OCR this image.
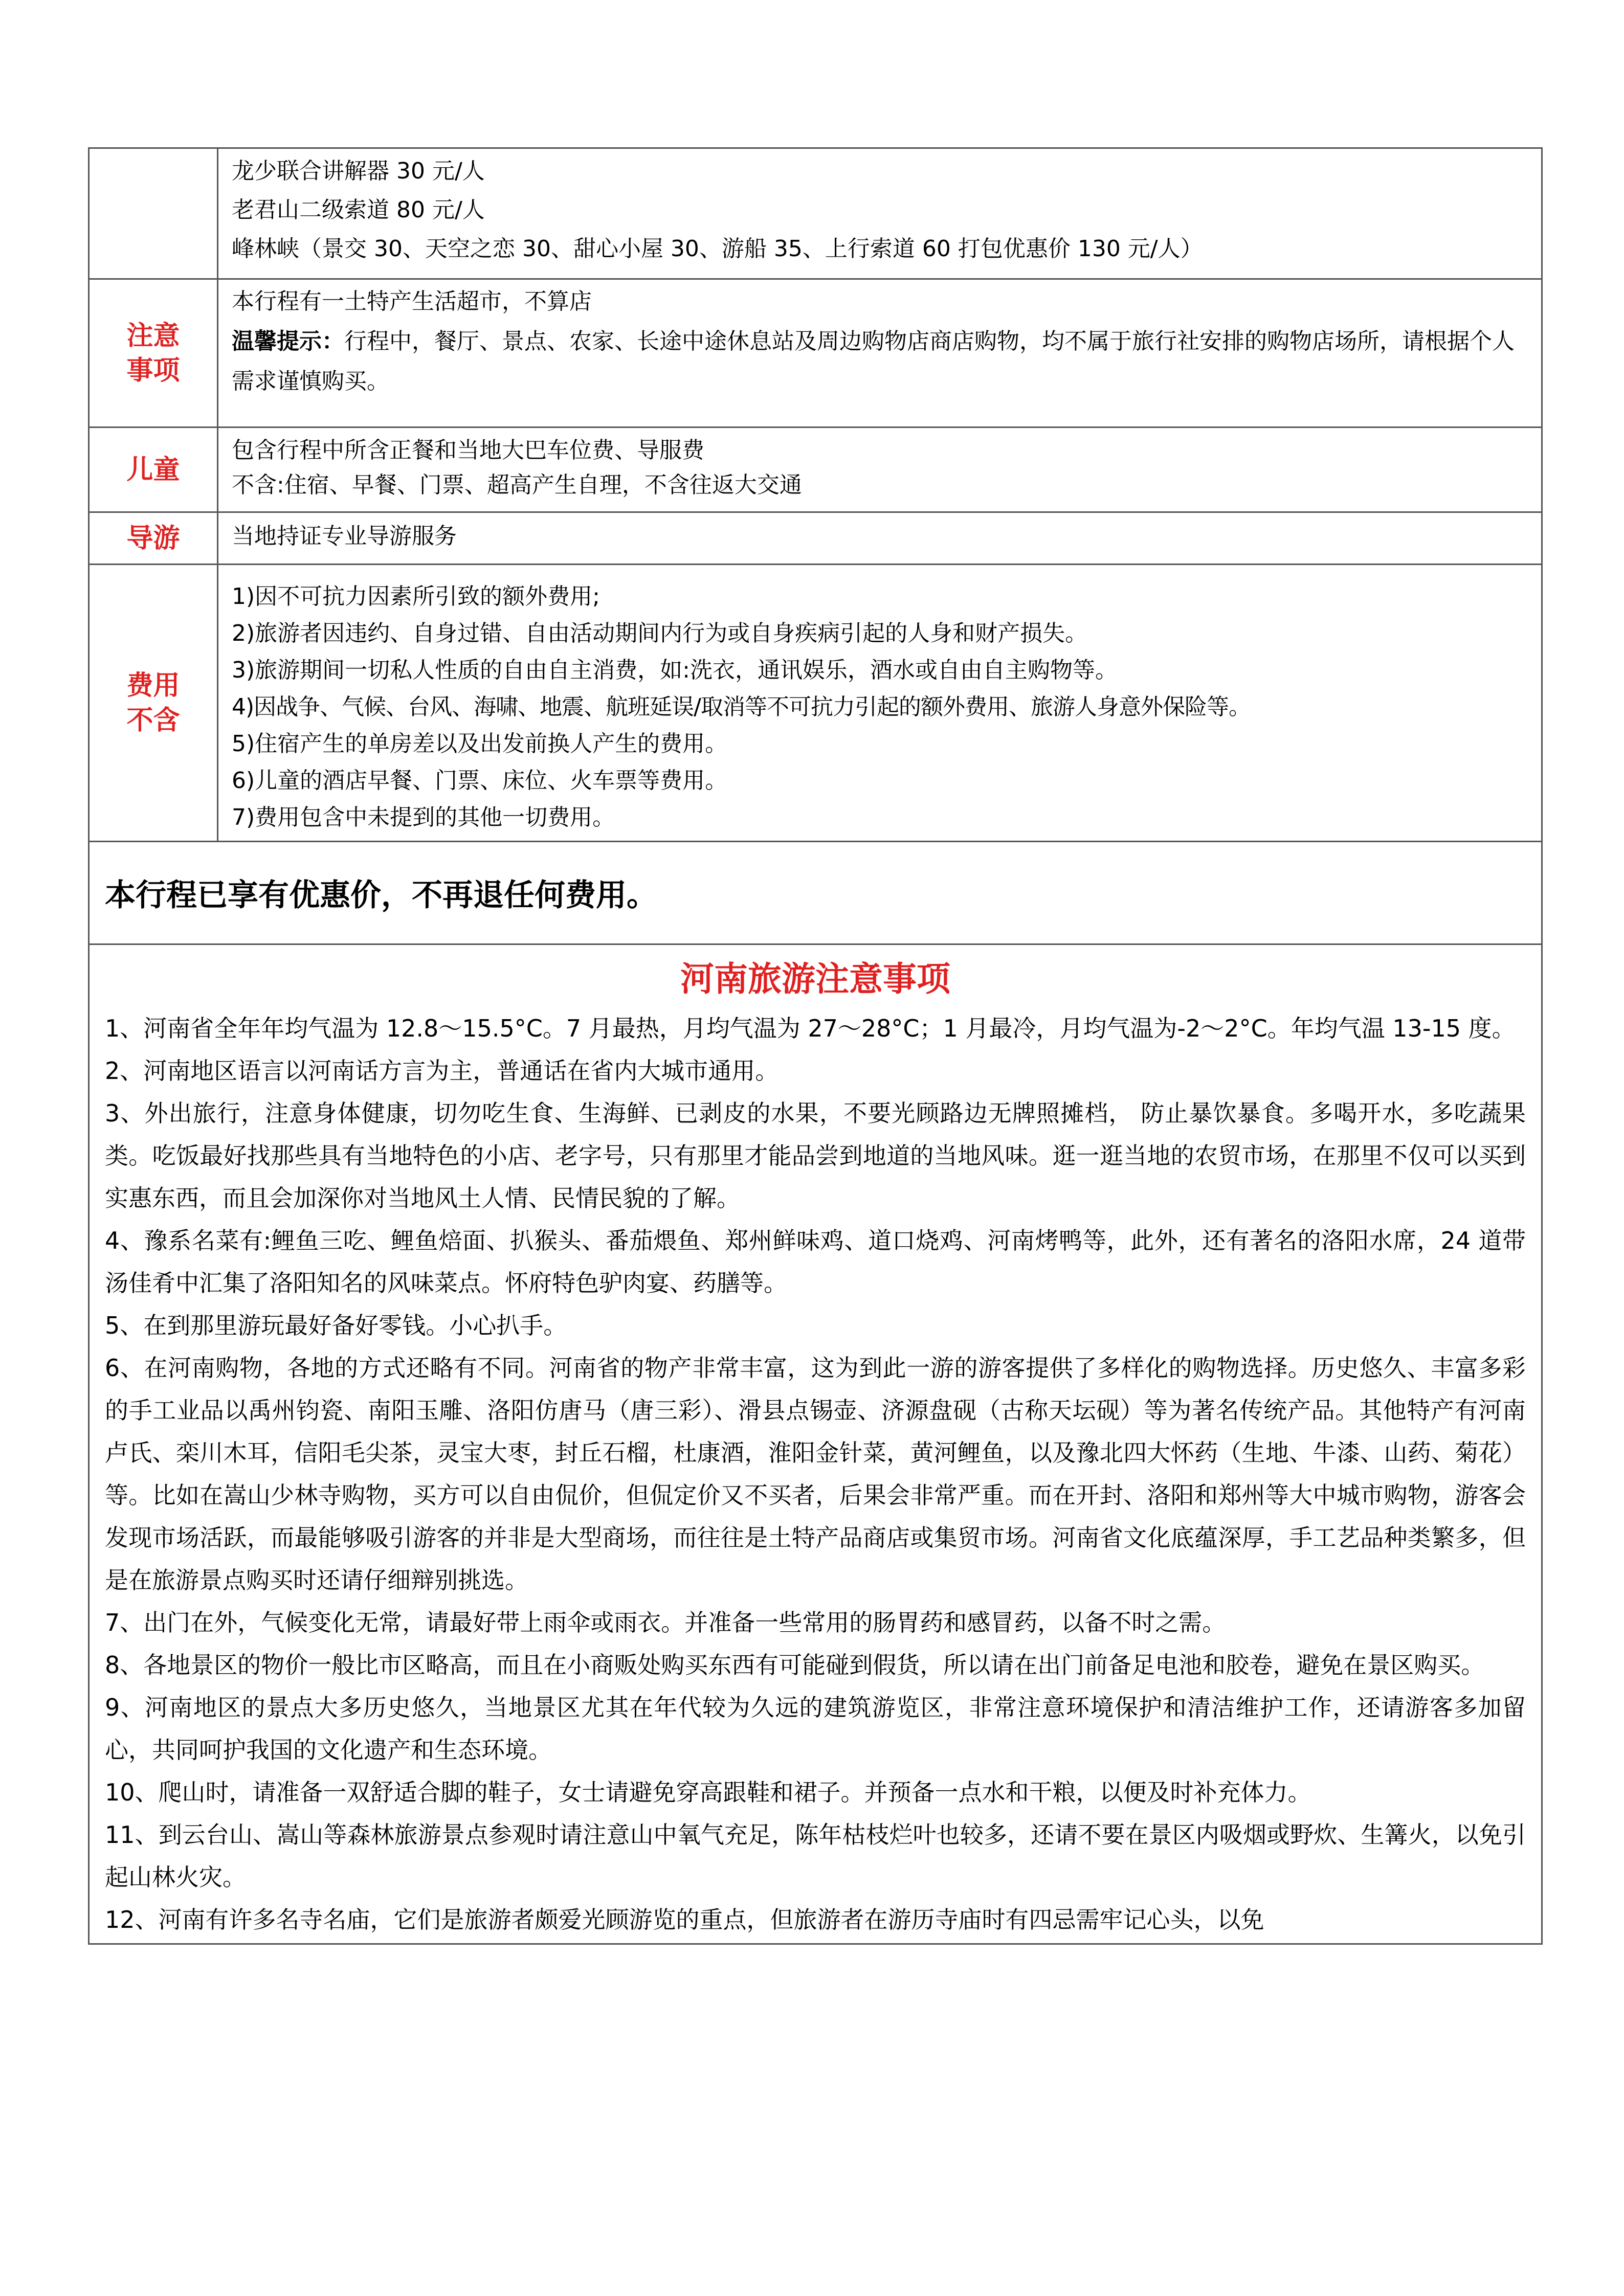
龙少联合讲解器 30 元/人
老君山二级索道 80 元/人
峰林峡（景交 30、天空之恋 30、甜心小屋 30、游船 35、上行索道 60 打包优惠价 130 元/人）
注意
事项
本行程有一土特产生活超市，不算店
温馨提示：行程中，餐厅、景点、农家、长途中途休息站及周边购物店商店购物，均不属于旅行社安排的购物店场所，请根据个人需求谨慎购买。
儿童
包含行程中所含正餐和当地大巴车位费、导服费
不含:住宿、早餐、门票、超高产生自理，不含往返大交通
导游 当地持证专业导游服务
费用
不含
1)因不可抗力因素所引致的额外费用;
2)旅游者因违约、自身过错、自由活动期间内行为或自身疾病引起的人身和财产损失。
3)旅游期间一切私人性质的自由自主消费，如:洗衣，通讯娱乐，酒水或自由自主购物等。
4)因战争、气候、台风、海啸、地震、航班延误/取消等不可抗力引起的额外费用、旅游人身意外保险等。
5)住宿产生的单房差以及出发前换人产生的费用。
6)儿童的酒店早餐、门票、床位、火车票等费用。
7)费用包含中未提到的其他一切费用。
本行程已享有优惠价，不再退任何费用。
河南旅游注意事项

1、河南省全年年均气温为 12.8～15.5°C。7 月最热，月均气温为 27～28°C；1 月最冷，月均气温为-2～2°C。年均气温 13-15 度。

2、河南地区语言以河南话方言为主，普通话在省内大城市通用。

3、外出旅行，注意身体健康，切勿吃生食、生海鲜、已剥皮的水果，不要光顾路边无牌照摊档， 防止暴饮暴食。多喝开水，多吃蔬果类。吃饭最好找那些具有当地特色的小店、老字号，只有那里才能品尝到地道的当地风味。逛一逛当地的农贸市场，在那里不仅可以买到实惠东西，而且会加深你对当地风土人情、民情民貌的了解。

4、豫系名菜有:鲤鱼三吃、鲤鱼焙面、扒猴头、番茄煨鱼、郑州鲜味鸡、道口烧鸡、河南烤鸭等，此外，还有著名的洛阳水席，24 道带汤佳肴中汇集了洛阳知名的风味菜点。怀府特色驴肉宴、药膳等。

5、在到那里游玩最好备好零钱。小心扒手。

6、在河南购物，各地的方式还略有不同。河南省的物产非常丰富，这为到此一游的游客提供了多样化的购物选择。历史悠久、丰富多彩的手工业品以禹州钧瓷、南阳玉雕、洛阳仿唐马（唐三彩）、滑县点锡壶、济源盘砚（古称天坛砚）等为著名传统产品。其他特产有河南卢氏、栾川木耳，信阳毛尖茶，灵宝大枣，封丘石榴，杜康酒，淮阳金针菜，黄河鲤鱼，以及豫北四大怀药（生地、牛漆、山药、菊花）等。比如在嵩山少林寺购物，买方可以自由侃价，但侃定价又不买者，后果会非常严重。而在开封、洛阳和郑州等大中城市购物，游客会发现市场活跃，而最能够吸引游客的并非是大型商场，而往往是土特产品商店或集贸市场。河南省文化底蕴深厚，手工艺品种类繁多，但是在旅游景点购买时还请仔细辩别挑选。

7、出门在外，气候变化无常，请最好带上雨伞或雨衣。并准备一些常用的肠胃药和感冒药，以备不时之需。

8、各地景区的物价一般比市区略高，而且在小商贩处购买东西有可能碰到假货，所以请在出门前备足电池和胶卷，避免在景区购买。

9、河南地区的景点大多历史悠久，当地景区尤其在年代较为久远的建筑游览区，非常注意环境保护和清洁维护工作，还请游客多加留心，共同呵护我国的文化遗产和生态环境。

10、爬山时，请准备一双舒适合脚的鞋子，女士请避免穿高跟鞋和裙子。并预备一点水和干粮，以便及时补充体力。

11、到云台山、嵩山等森林旅游景点参观时请注意山中氧气充足，陈年枯枝烂叶也较多，还请不要在景区内吸烟或野炊、生篝火，以免引起山林火灾。

12、河南有许多名寺名庙，它们是旅游者颇爱光顾游览的重点，但旅游者在游历寺庙时有四忌需牢记心头，以免
